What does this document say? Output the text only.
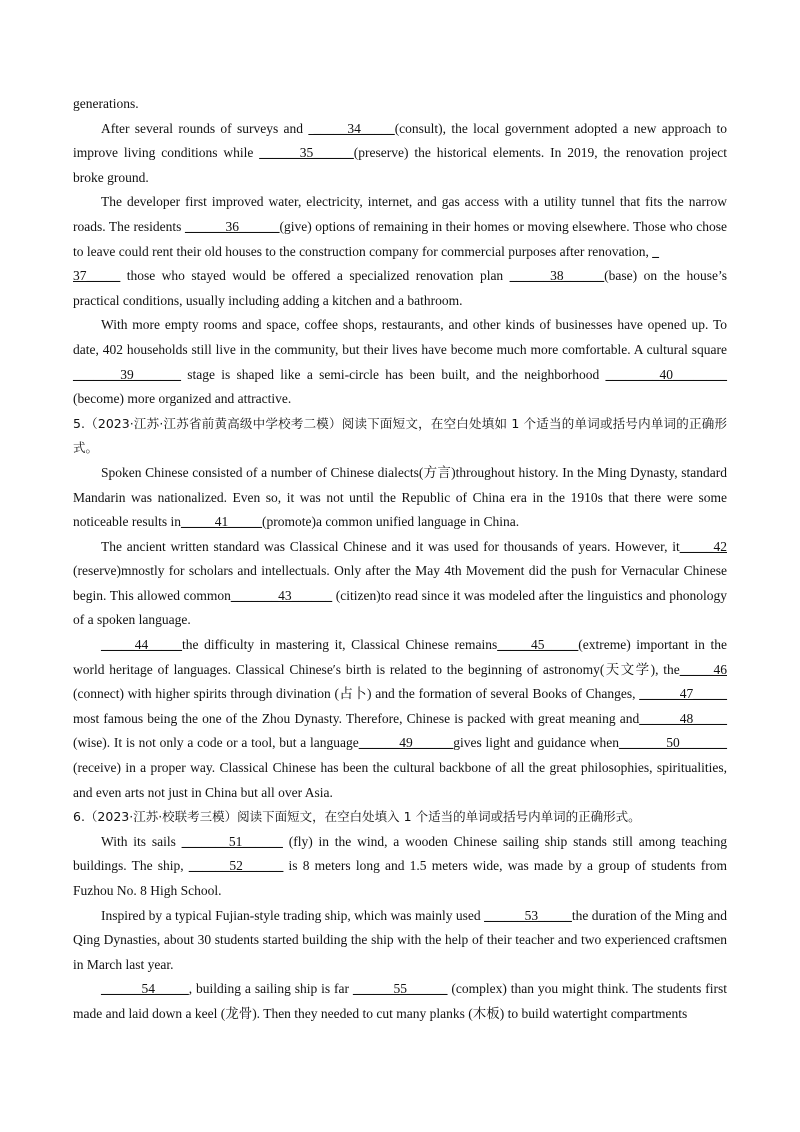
generations.

After several rounds of surveys and  _____34_____(consult), the local government adopted a new approach to improve living conditions while ______35______(preserve) the historical elements. In 2019, the renovation project broke ground.

The developer first improved water, electricity, internet, and gas access with a utility tunnel that fits the narrow roads. The residents ______36______(give) options of remaining in their homes or moving elsewhere. Those who chose to leave could rent their old houses to the construction company for commercial purposes after renovation, _
37_____ those who stayed would be offered a specialized renovation plan ______38______(base) on the house’s practical conditions, usually including adding a kitchen and a bathroom.

With more empty rooms and space, coffee shops, restaurants, and other kinds of businesses have opened up. To date, 402 households still live in the community, but their lives have become much more comfortable. A cultural square _______39_______ stage is shaped like a semi-circle has been built, and the neighborhood ________40________ (become) more organized and attractive.

5.（2023·江苏·江苏省前黄高级中学校考二模）阅读下面短文，在空白处填如 1 个适当的单词或括号内单词的正确形式。

Spoken Chinese consisted of a number of Chinese dialects(方言)throughout history. In the Ming Dynasty, standard Mandarin was nationalized. Even so, it was not until the Republic of China era in the 1910s that there were some noticeable results in_____41_____(promote)a common unified language in China.

The ancient written standard was Classical Chinese and it was used for thousands of years. However, it_____42 (reserve)mnostly for scholars and intellectuals. Only after the May 4th Movement did the push for Vernacular Chinese begin. This allowed common_______43______ (citizen)to read since it was modeled after the linguistics and phonology of a spoken language.

_____44_____the difficulty in mastering it, Classical Chinese remains_____45_____(extreme) important in the world heritage of languages. Classical Chinese′s birth is related to the beginning of astronomy(天文学), the_____46 (connect) with higher spirits through divination (占卜) and the formation of several Books of Changes, ______47_____ most famous being the one of the Zhou Dynasty. Therefore, Chinese is packed with great meaning and______48_____ (wise). It is not only a code or a tool, but a language______49______gives light and guidance when_______50_______ (receive) in a proper way. Classical Chinese has been the cultural backbone of all the great philosophies, spiritualities, and even arts not just in China but all over Asia.

6.（2023·江苏·校联考三模）阅读下面短文，在空白处填入 1 个适当的单词或括号内单词的正确形式。

With its sails _______51______ (fly) in the wind, a wooden Chinese sailing ship stands still among teaching buildings. The ship, ______52______ is 8 meters long and 1.5 meters wide, was made by a group of students from Fuzhou No. 8 High School.

Inspired by a typical Fujian-style trading ship, which was mainly used ______53_____the duration of the Ming and Qing Dynasties, about 30 students started building the ship with the help of their teacher and two experienced craftsmen in March last year.

______54_____, building a sailing ship is far ______55______ (complex) than you might think. The students first made and laid down a keel (龙骨). Then they needed to cut many planks (木板) to build watertight compartments
